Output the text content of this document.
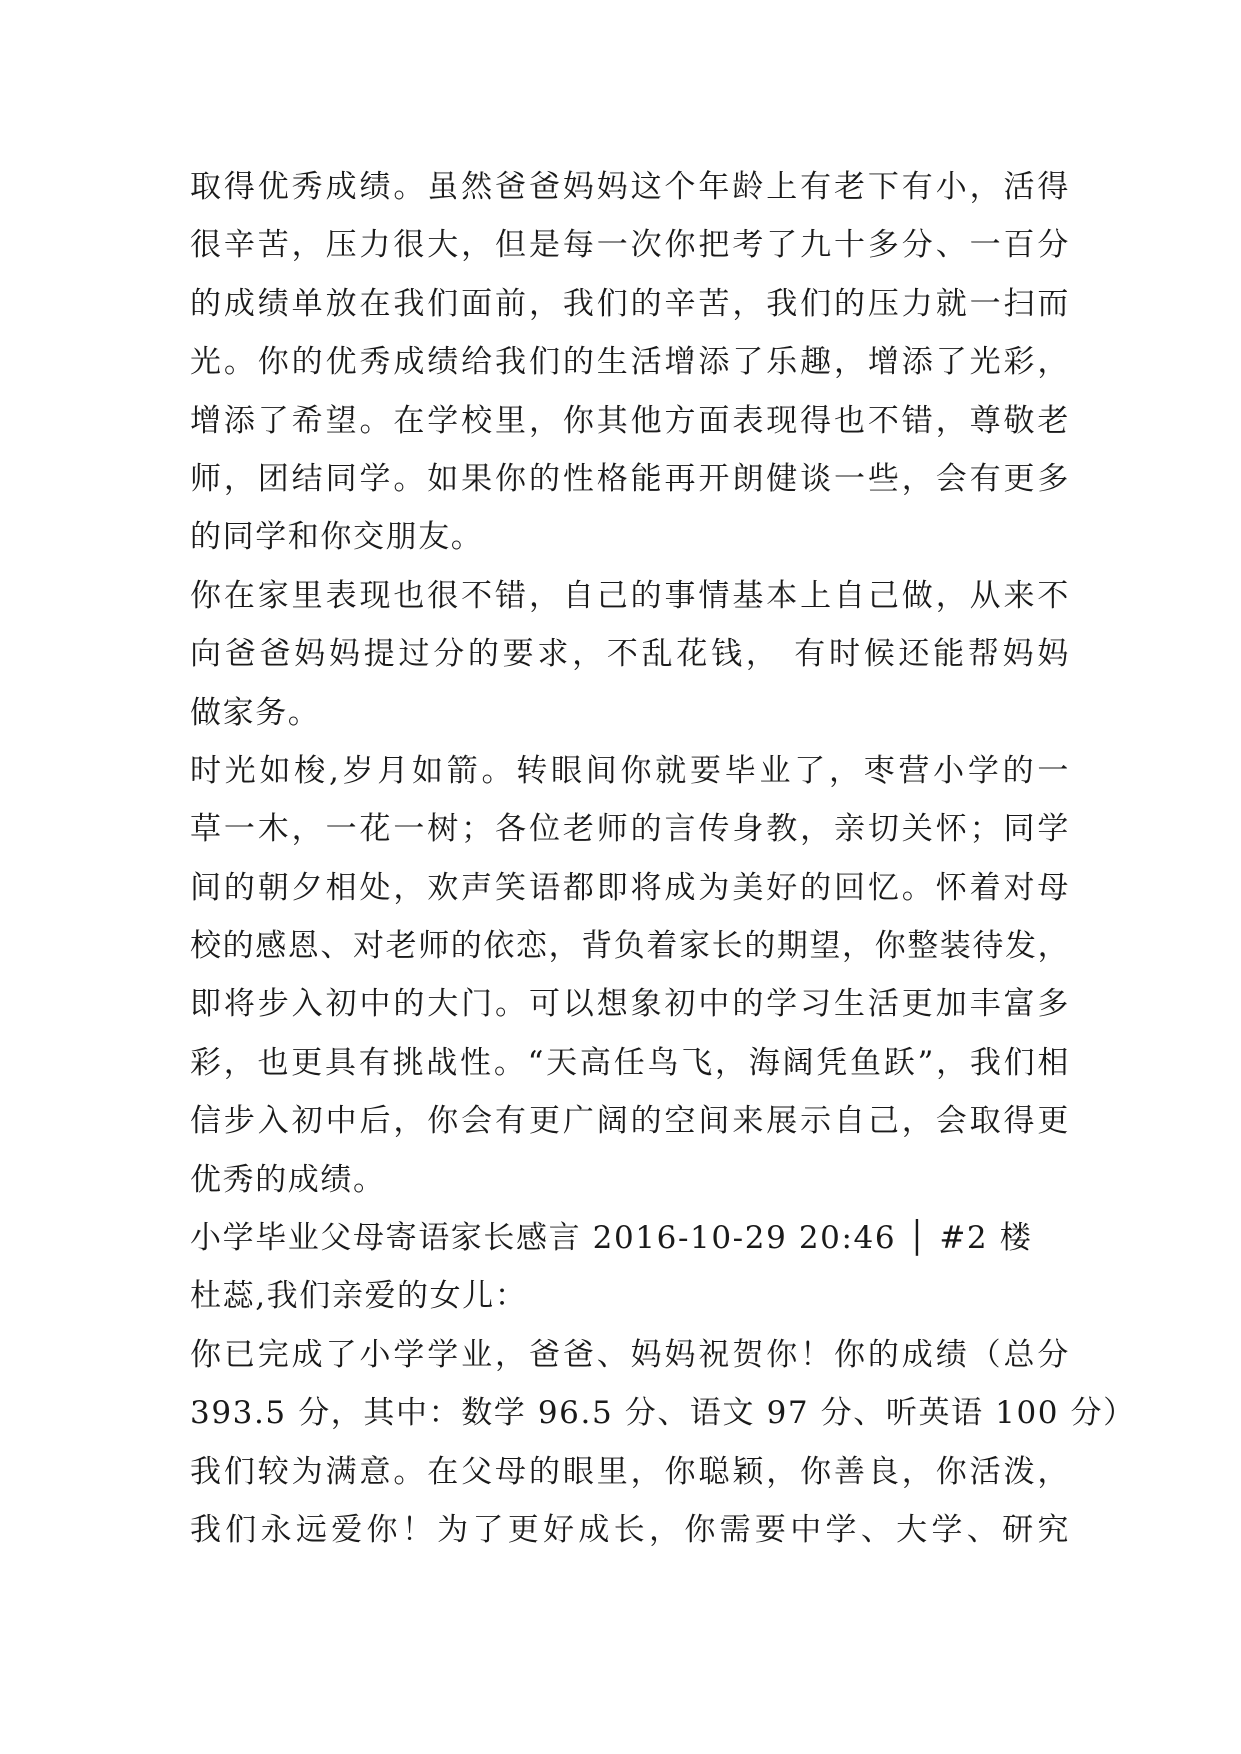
取得优秀成绩。虽然爸爸妈妈这个年龄上有老下有小，活得
很辛苦，压力很大，但是每一次你把考了九十多分、一百分
的成绩单放在我们面前，我们的辛苦，我们的压力就一扫而
光。你的优秀成绩给我们的生活增添了乐趣，增添了光彩，
增添了希望。在学校里，你其他方面表现得也不错，尊敬老
师，团结同学。如果你的性格能再开朗健谈一些，会有更多
的同学和你交朋友。
你在家里表现也很不错，自己的事情基本上自己做，从来不
向爸爸妈妈提过分的要求，不乱花钱， 有时候还能帮妈妈
做家务。
时光如梭,岁月如箭。转眼间你就要毕业了，枣营小学的一
草一木，一花一树；各位老师的言传身教，亲切关怀；同学
间的朝夕相处，欢声笑语都即将成为美好的回忆。怀着对母
校的感恩、对老师的依恋，背负着家长的期望，你整装待发，
即将步入初中的大门。可以想象初中的学习生活更加丰富多
彩，也更具有挑战性。“天高任鸟飞，海阔凭鱼跃”，我们相
信步入初中后，你会有更广阔的空间来展示自己，会取得更
优秀的成绩。
小学毕业父母寄语家长感言 2016-10-29 20:46 │ #2 楼
杜蕊,我们亲爱的女儿：
你已完成了小学学业，爸爸、妈妈祝贺你！你的成绩（总分
393.5 分，其中：数学 96.5 分、语文 97 分、听英语 100 分）
我们较为满意。在父母的眼里，你聪颖，你善良，你活泼，
我们永远爱你！为了更好成长，你需要中学、大学、研究
